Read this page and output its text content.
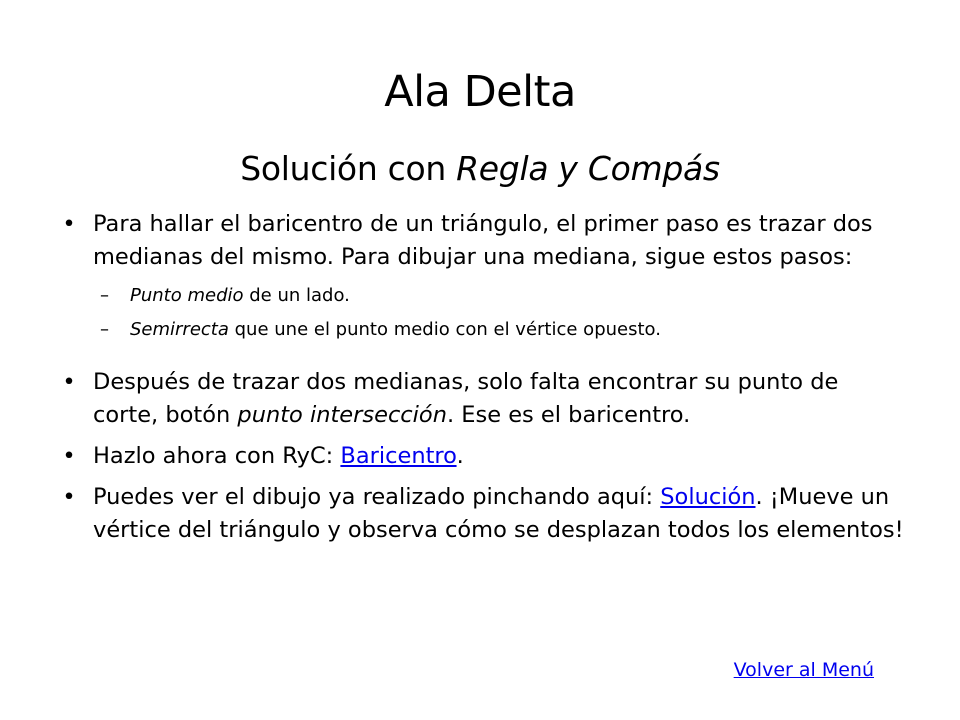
Ala Delta
Solución con Regla y Compás
• Para hallar el baricentro de un triángulo, el primer paso es trazar dos medianas del mismo. Para dibujar una mediana, sigue estos pasos:
– Punto medio de un lado.
– Semirrecta que une el punto medio con el vértice opuesto.
• Después de trazar dos medianas, solo falta encontrar su punto de corte, botón punto intersección. Ese es el baricentro.
• Hazlo ahora con RyC: Baricentro.
• Puedes ver el dibujo ya realizado pinchando aquí: Solución. ¡Mueve un vértice del triángulo y observa cómo se desplazan todos los elementos!
Volver al Menú
